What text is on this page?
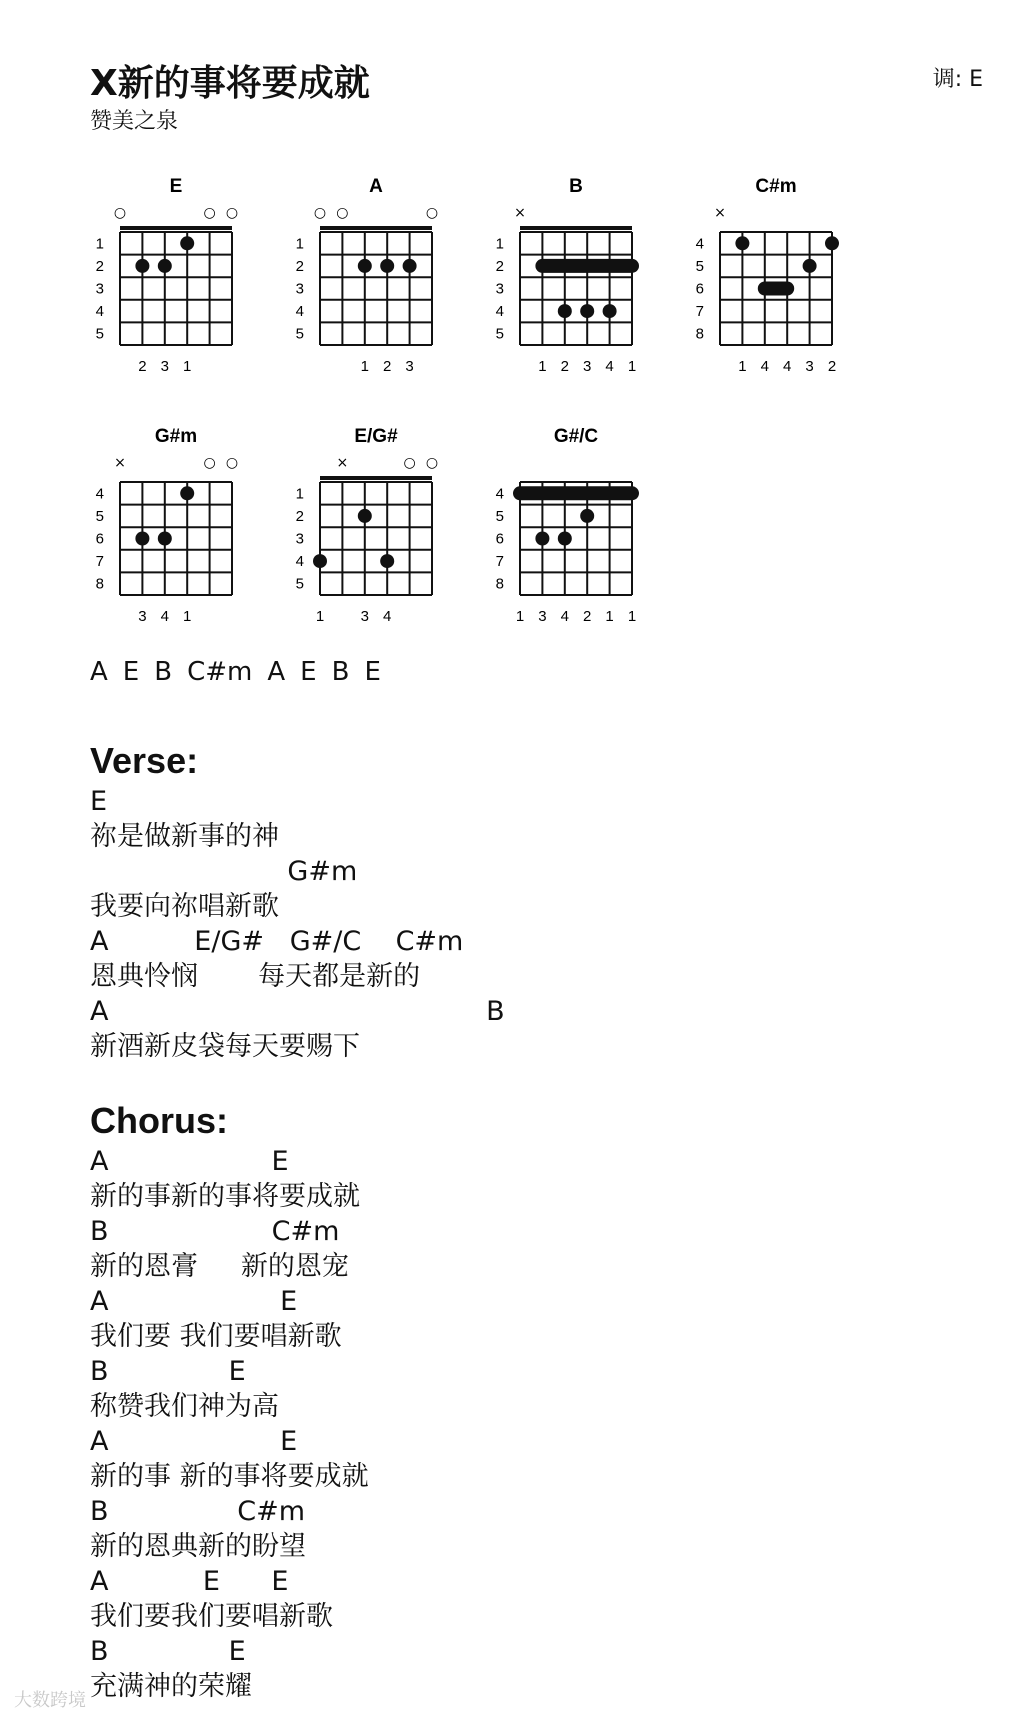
X新的事将要成就
赞美之泉
调: E
E
1
2
3
4
5
○	○ ○
2 3 1
A
1
2
3
4
5
○ ○	○
1 2 3
B
1
2
3
4
5
×
1 2 3 4 1
C#m
4
5
6
7
8
×
1 4 4 3 2
G#m
4
5
6
7
8
×	○ ○
3 4 1
E/G#
1
2
3
4
5
×	○ ○
1 3 4
G#/C
4
5
6
7
8
1 3 4 2 1 1
A E B C#m A E B E
Verse:
E
祢是做新事的神
G#m
我要向祢唱新歌
A          E/G#   G#/C    C#m
恩典怜悯       每天都是新的
A                                            B
新酒新皮袋每天要赐下
Chorus:
A                   E
新的事新的事将要成就
B                   C#m
新的恩膏     新的恩宠
A                    E
我们要 我们要唱新歌
B              E
称赞我们神为高
A                    E
新的事 新的事将要成就
B               C#m
新的恩典新的盼望
A           E      E
我们要我们要唱新歌
B              E
充满神的荣耀
大数跨境
